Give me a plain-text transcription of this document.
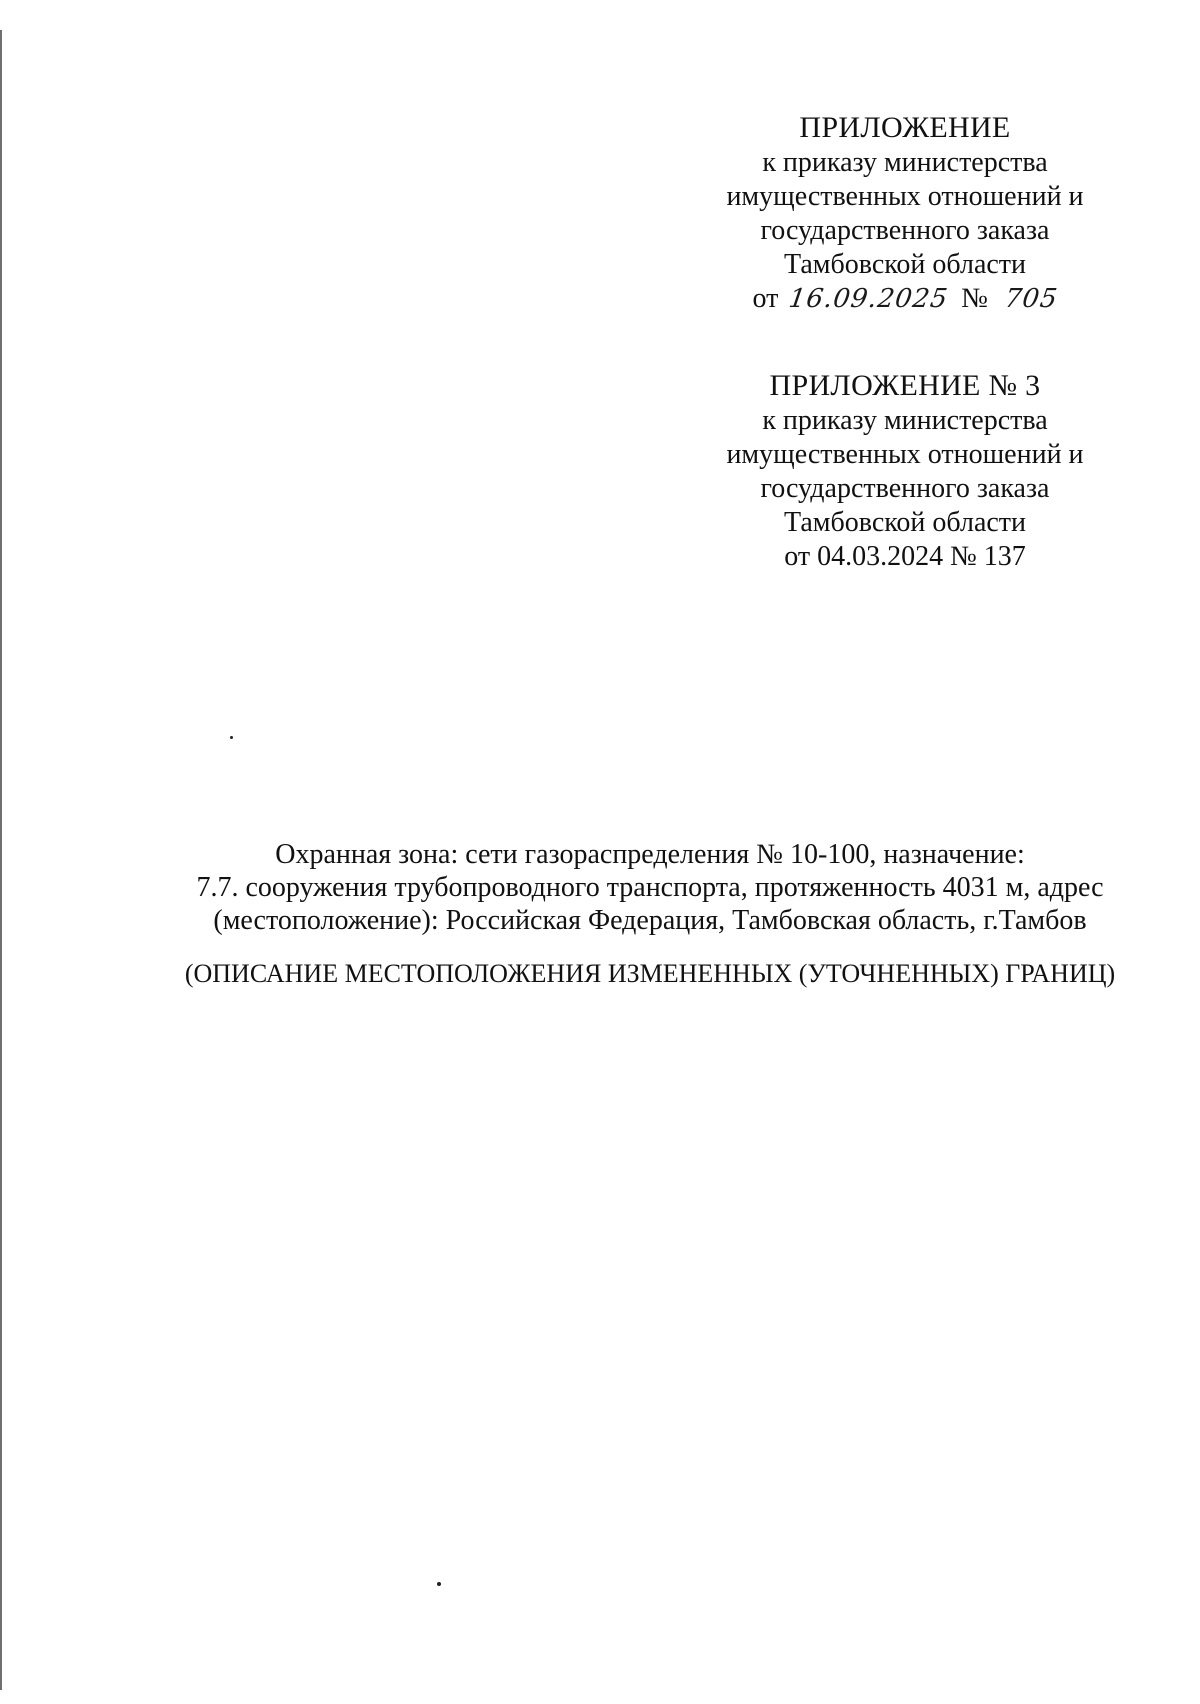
ПРИЛОЖЕНИЕ
к приказу министерства
имущественных отношений и
государственного заказа
Тамбовской области
от 16.09.2025 № 705
ПРИЛОЖЕНИЕ № 3
к приказу министерства
имущественных отношений и
государственного заказа
Тамбовской области
от 04.03.2024 № 137
Охранная зона: сети газораспределения № 10-100, назначение:
7.7. сооружения трубопроводного транспорта, протяженность 4031 м, адрес
(местоположение): Российская Федерация, Тамбовская область, г.Тамбов
(ОПИСАНИЕ МЕСТОПОЛОЖЕНИЯ ИЗМЕНЕННЫХ (УТОЧНЕННЫХ) ГРАНИЦ)
